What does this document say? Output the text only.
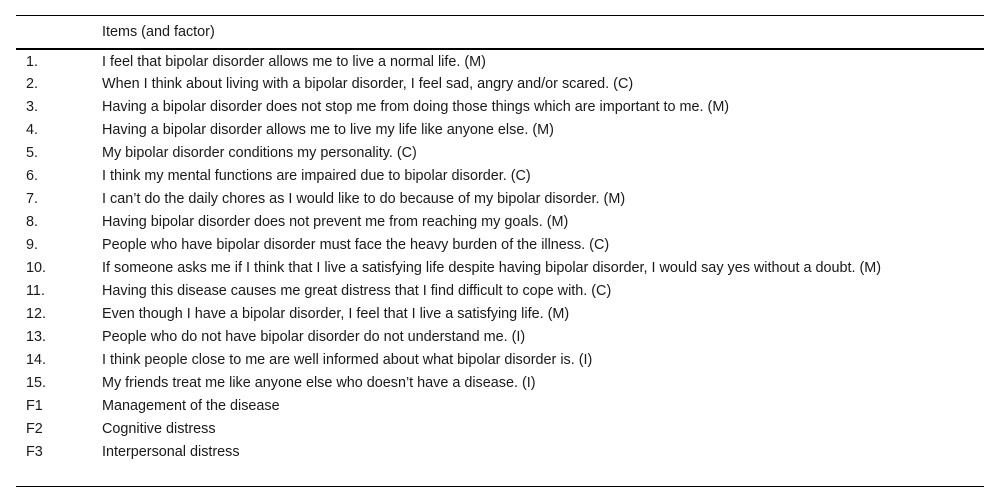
	Items (and factor)
1.	I feel that bipolar disorder allows me to live a normal life. (M)
2.	When I think about living with a bipolar disorder, I feel sad, angry and/or scared. (C)
3.	Having a bipolar disorder does not stop me from doing those things which are important to me. (M)
4.	Having a bipolar disorder allows me to live my life like anyone else. (M)
5.	My bipolar disorder conditions my personality. (C)
6.	I think my mental functions are impaired due to bipolar disorder. (C)
7.	I can’t do the daily chores as I would like to do because of my bipolar disorder. (M)
8.	Having bipolar disorder does not prevent me from reaching my goals. (M)
9.	People who have bipolar disorder must face the heavy burden of the illness. (C)
10.	If someone asks me if I think that I live a satisfying life despite having bipolar disorder, I would say yes without a doubt. (M)
11.	Having this disease causes me great distress that I find difficult to cope with. (C)
12.	Even though I have a bipolar disorder, I feel that I live a satisfying life. (M)
13.	People who do not have bipolar disorder do not understand me. (I)
14.	I think people close to me are well informed about what bipolar disorder is. (I)
15.	My friends treat me like anyone else who doesn’t have a disease. (I)
F1	Management of the disease
F2	Cognitive distress
F3	Interpersonal distress
